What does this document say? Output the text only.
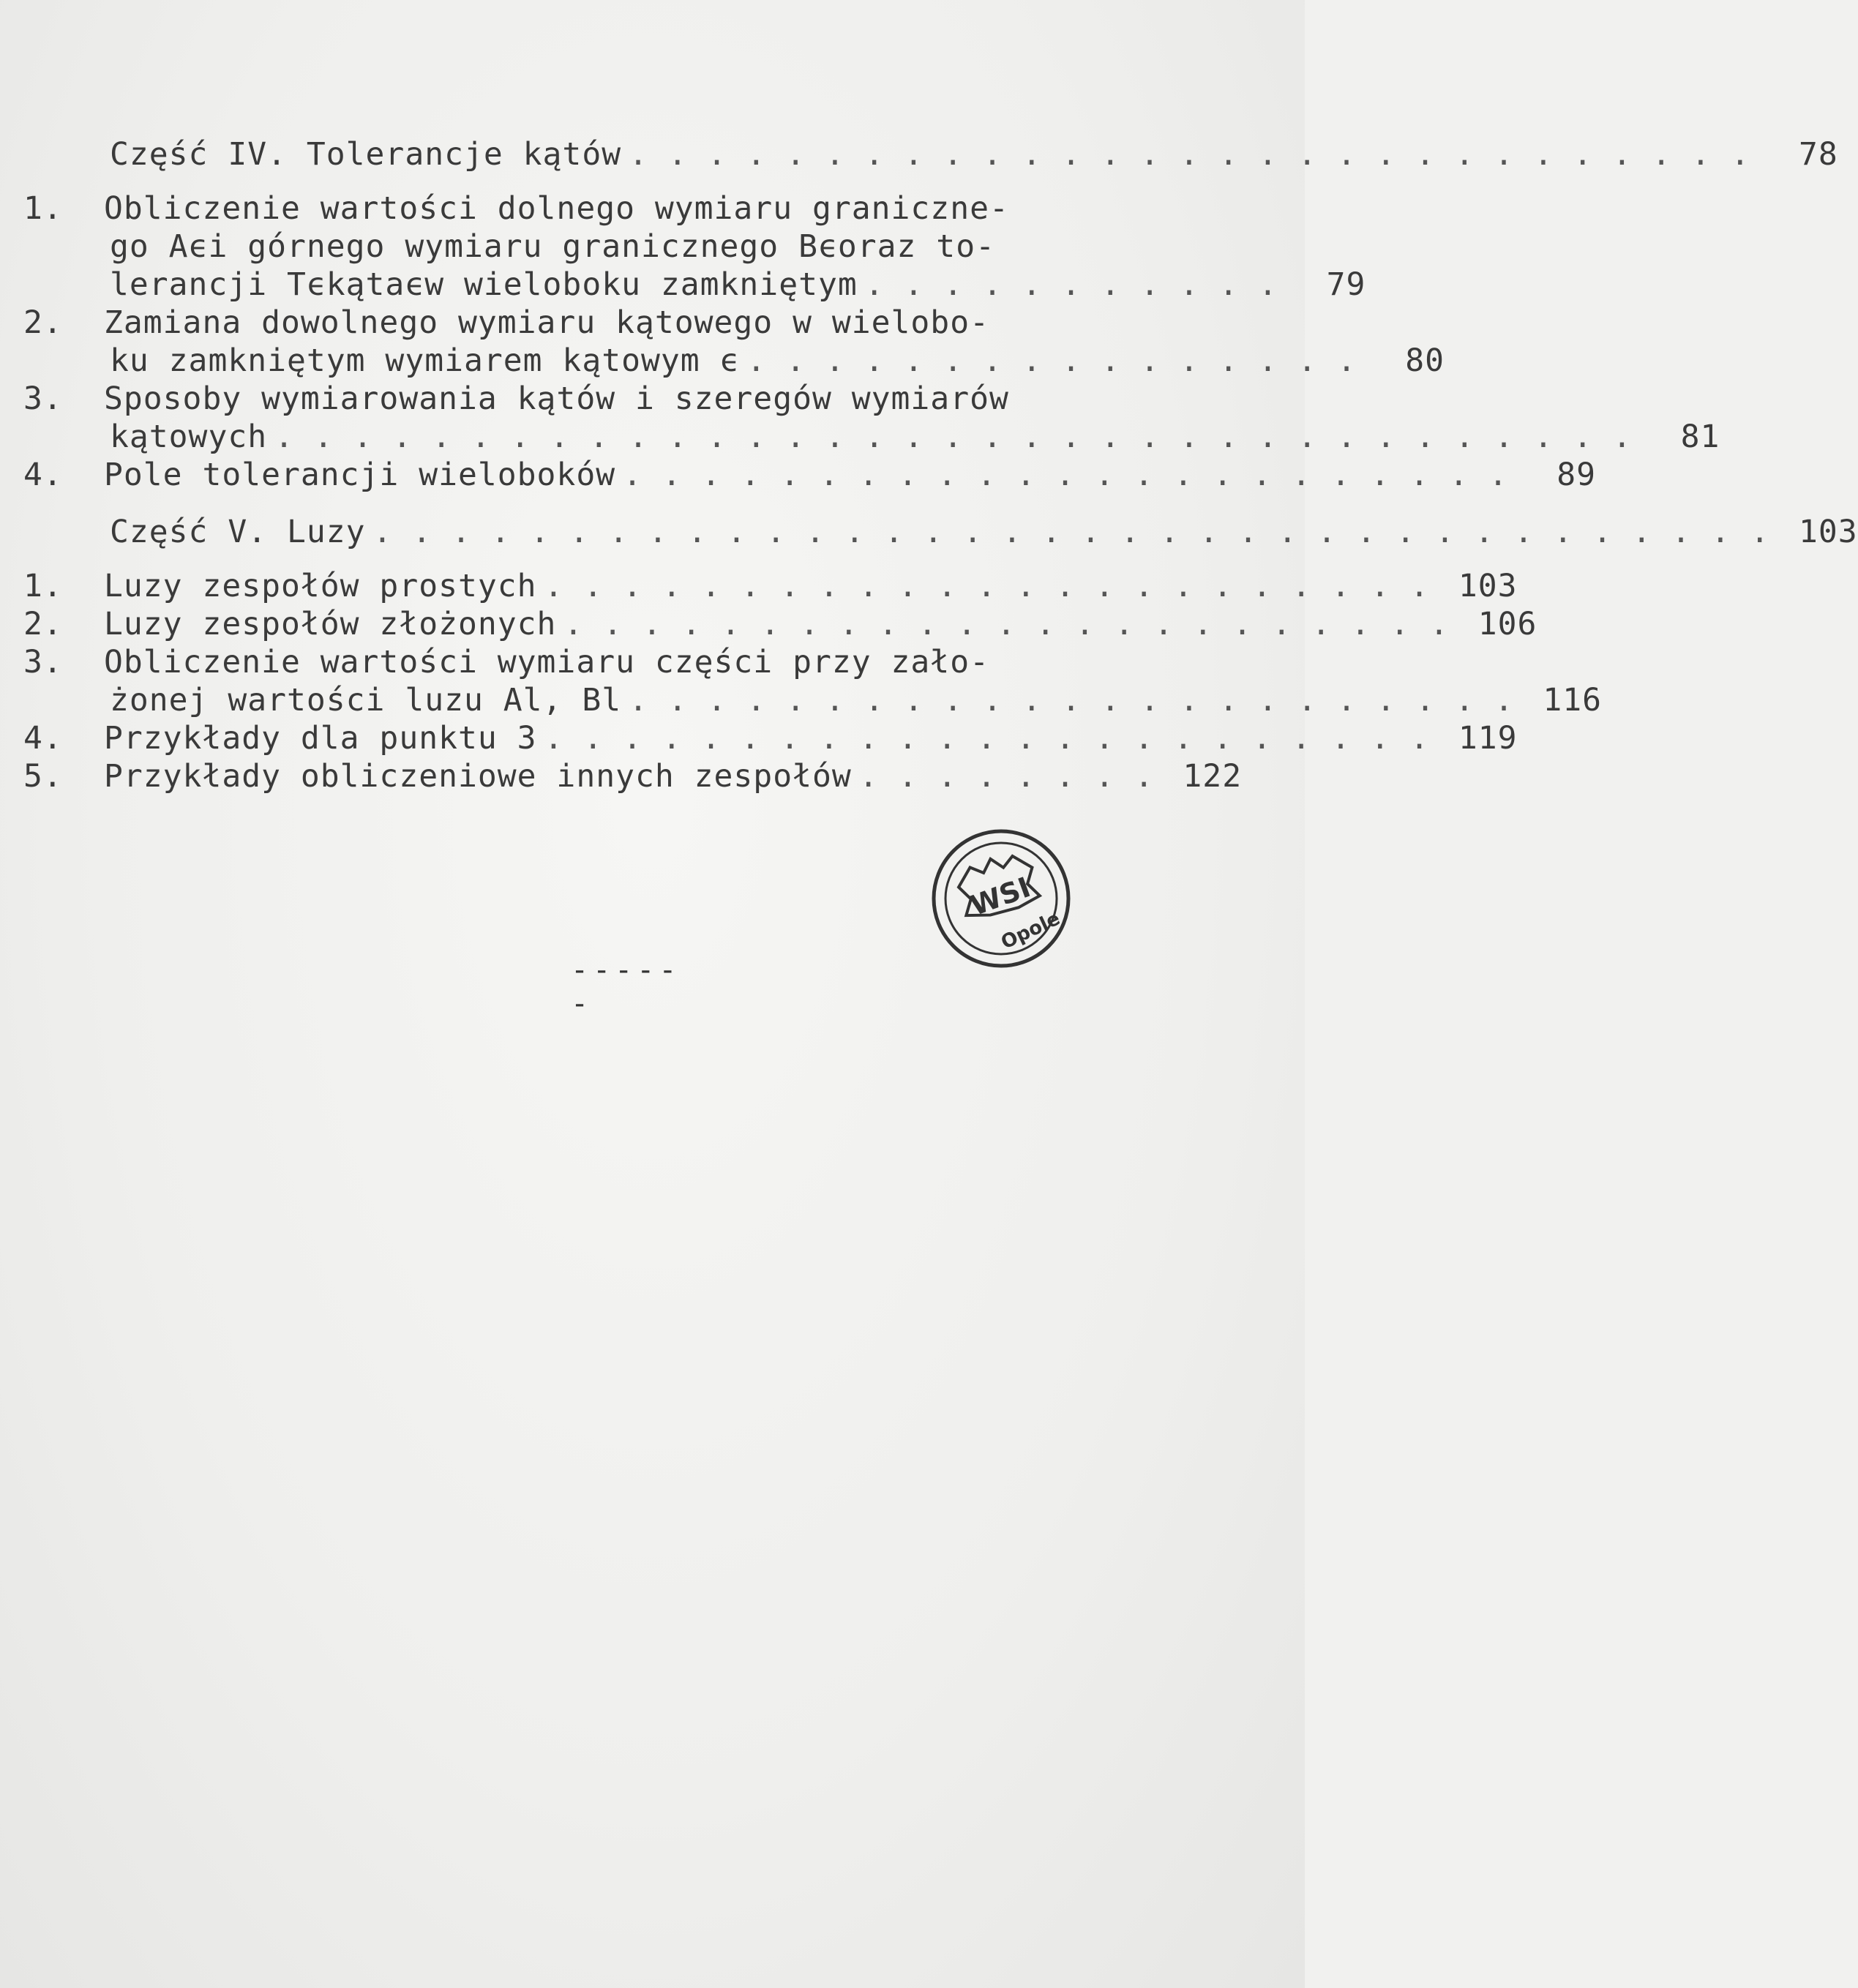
Część IV. Tolerancje kątów . . . . . . . . . . . . . . . . . . . . . . . . . . . . .	78
1.	Obliczenie wartości dolnego wymiaru graniczne-
go Aϵi górnego wymiaru granicznego Bϵoraz to-
lerancji Tϵkątaϵw wieloboku zamkniętym . . . . . . . . . . .	79
2.	Zamiana dowolnego wymiaru kątowego w wielobo-
ku zamkniętym wymiarem kątowym ϵ . . . . . . . . . . . . . . . .	80
3.	Sposoby wymiarowania kątów i szeregów wymiarów
kątowych . . . . . . . . . . . . . . . . . . . . . . . . . . . . . . . . . . .	81
4.	Pole tolerancji wieloboków . . . . . . . . . . . . . . . . . . . . . . .	89
Część V. Luzy . . . . . . . . . . . . . . . . . . . . . . . . . . . . . . . . . . . . 103
1.	Luzy zespołów prostych . . . . . . . . . . . . . . . . . . . . . . . 103
2.	Luzy zespołów złożonych . . . . . . . . . . . . . . . . . . . . . . . 106
3.	Obliczenie wartości wymiaru części przy zało-
żonej wartości luzu Al, Bl . . . . . . . . . . . . . . . . . . . . . . . 116
4.	Przykłady dla punktu 3 . . . . . . . . . . . . . . . . . . . . . . . 119
5.	Przykłady obliczeniowe innych zespołów . . . . . . . . 122
WSI
Opole
------
